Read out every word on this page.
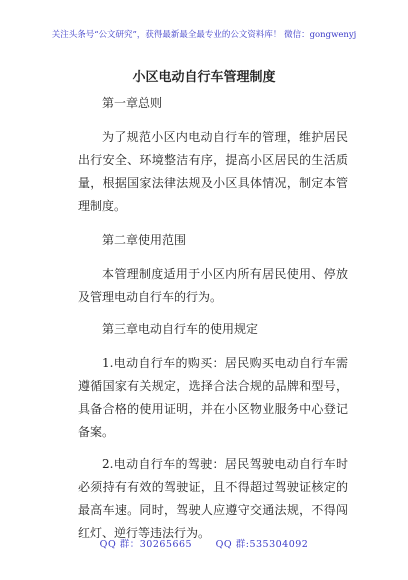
关注头条号“公文研究”，获得最新最全最专业的公文资料库！ 微信：gongwenyj
小区电动自行车管理制度

第一章总则

为了规范小区内电动自行车的管理，维护居民出行安全、环境整洁有序，提高小区居民的生活质量，根据国家法律法规及小区具体情况，制定本管理制度。

第二章使用范围

本管理制度适用于小区内所有居民使用、停放及管理电动自行车的行为。

第三章电动自行车的使用规定

1.电动自行车的购买：居民购买电动自行车需遵循国家有关规定，选择合法合规的品牌和型号，具备合格的使用证明，并在小区物业服务中心登记备案。

2.电动自行车的驾驶：居民驾驶电动自行车时必须持有有效的驾驶证，且不得超过驾驶证核定的最高车速。同时，驾驶人应遵守交通法规，不得闯红灯、逆行等违法行为。

QQ 群：30265665 QQ 群:535304092
